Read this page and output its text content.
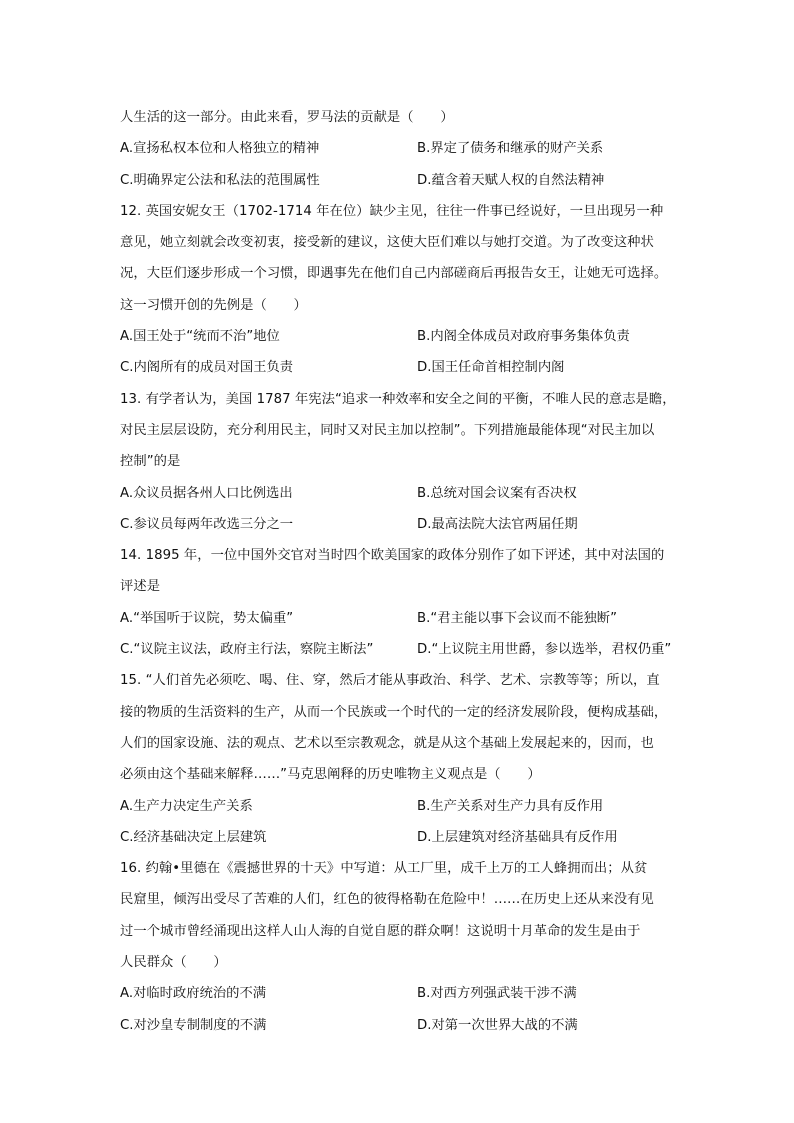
人生活的这一部分。由此来看，罗马法的贡献是（　　）
A.宣扬私权本位和人格独立的精神	B.界定了债务和继承的财产关系
C.明确界定公法和私法的范围属性	D.蕴含着天赋人权的自然法精神
12. 英国安妮女王（1702-1714 年在位）缺少主见，往往一件事已经说好，一旦出现另一种
意见，她立刻就会改变初衷，接受新的建议，这使大臣们难以与她打交道。为了改变这种状
况，大臣们逐步形成一个习惯，即遇事先在他们自己内部磋商后再报告女王，让她无可选择。
这一习惯开创的先例是（　　）
A.国王处于“统而不治”地位	B.内阁全体成员对政府事务集体负责
C.内阁所有的成员对国王负责	D.国王任命首相控制内阁
13. 有学者认为，美国 1787 年宪法“追求一种效率和安全之间的平衡，不唯人民的意志是瞻，
对民主层层设防，充分利用民主，同时又对民主加以控制”。下列措施最能体现“对民主加以
控制”的是
A.众议员据各州人口比例选出	B.总统对国会议案有否决权
C.参议员每两年改选三分之一	D.最高法院大法官两届任期
14. 1895 年，一位中国外交官对当时四个欧美国家的政体分别作了如下评述，其中对法国的
评述是
A.“举国听于议院，势太偏重”	B.“君主能以事下会议而不能独断”
C.“议院主议法，政府主行法，察院主断法”	D.“上议院主用世爵，参以选举，君权仍重”
15. “人们首先必须吃、喝、住、穿，然后才能从事政治、科学、艺术、宗教等等；所以，直
接的物质的生活资料的生产，从而一个民族或一个时代的一定的经济发展阶段，便构成基础，
人们的国家设施、法的观点、艺术以至宗教观念，就是从这个基础上发展起来的，因而，也
必须由这个基础来解释……”马克思阐释的历史唯物主义观点是（　　）
A.生产力决定生产关系	B.生产关系对生产力具有反作用
C.经济基础决定上层建筑	D.上层建筑对经济基础具有反作用
16. 约翰•里德在《震撼世界的十天》中写道：从工厂里，成千上万的工人蜂拥而出；从贫
民窟里，倾泻出受尽了苦难的人们，红色的彼得格勒在危险中！……在历史上还从来没有见
过一个城市曾经涌现出这样人山人海的自觉自愿的群众啊！这说明十月革命的发生是由于
人民群众（　　）
A.对临时政府统治的不满	B.对西方列强武装干涉不满
C.对沙皇专制制度的不满	D.对第一次世界大战的不满
